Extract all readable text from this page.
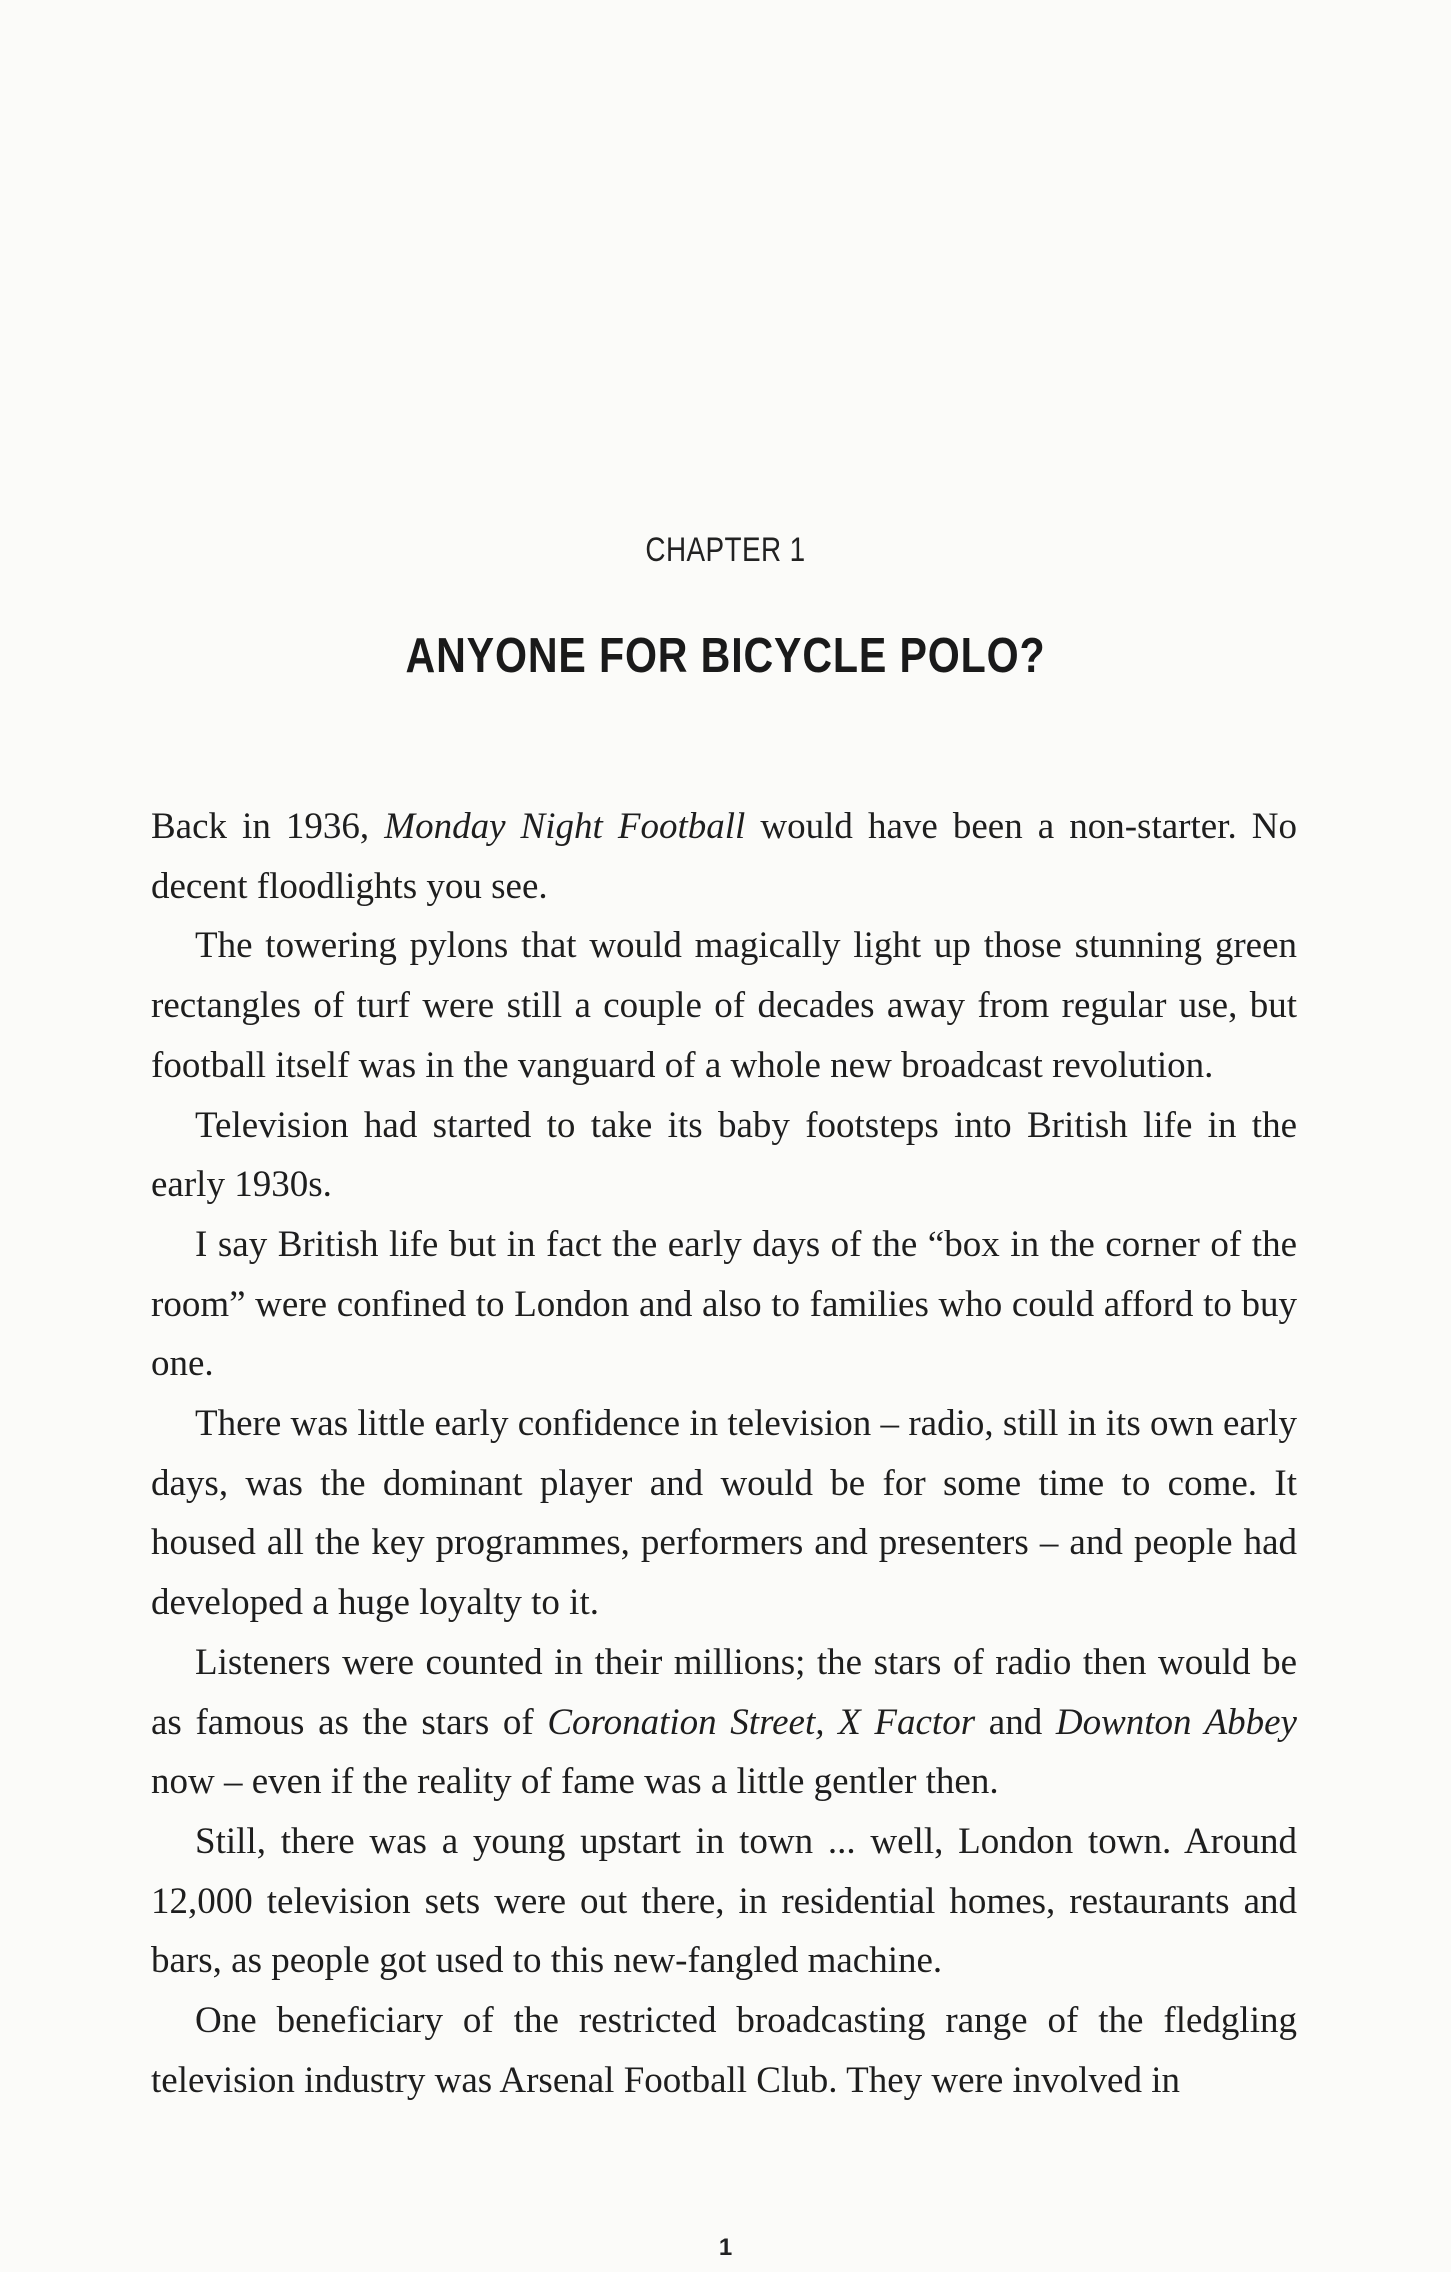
CHAPTER 1
ANYONE FOR BICYCLE POLO?

Back in 1936, Monday Night Football would have been a non-starter. No decent floodlights you see.

The towering pylons that would magically light up those stunning green rectangles of turf were still a couple of decades away from regular use, but football itself was in the vanguard of a whole new broadcast revolution.

Television had started to take its baby footsteps into British life in the early 1930s.

I say British life but in fact the early days of the “box in the corner of the room” were confined to London and also to families who could afford to buy one.

There was little early confidence in television – radio, still in its own early days, was the dominant player and would be for some time to come. It housed all the key programmes, performers and presenters – and people had developed a huge loyalty to it.

Listeners were counted in their millions; the stars of radio then would be as famous as the stars of Coronation Street, X Factor and Downton Abbey now – even if the reality of fame was a little gentler then.

Still, there was a young upstart in town ... well, London town. Around 12,000 television sets were out there, in residential homes, restaurants and bars, as people got used to this new-fangled machine.

One beneficiary of the restricted broadcasting range of the fledgling television industry was Arsenal Football Club. They were involved in

1
